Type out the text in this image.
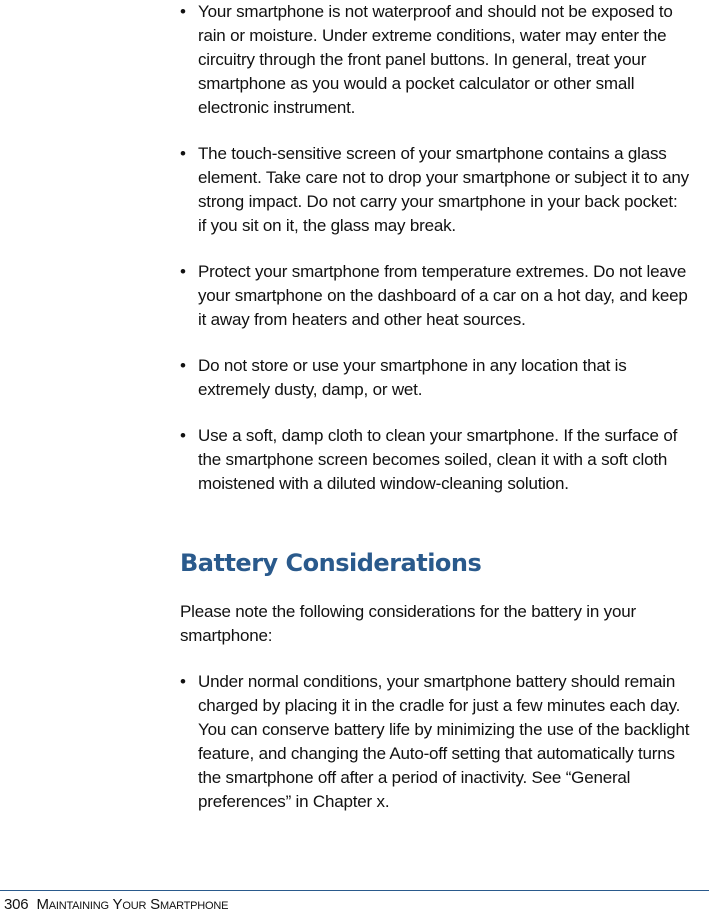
• Your smartphone is not waterproof and should not be exposed to rain or moisture. Under extreme conditions, water may enter the circuitry through the front panel buttons. In general, treat your smartphone as you would a pocket calculator or other small electronic instrument.
• The touch-sensitive screen of your smartphone contains a glass element. Take care not to drop your smartphone or subject it to any strong impact. Do not carry your smartphone in your back pocket: if you sit on it, the glass may break.
• Protect your smartphone from temperature extremes. Do not leave your smartphone on the dashboard of a car on a hot day, and keep it away from heaters and other heat sources.
• Do not store or use your smartphone in any location that is extremely dusty, damp, or wet.
• Use a soft, damp cloth to clean your smartphone. If the surface of the smartphone screen becomes soiled, clean it with a soft cloth moistened with a diluted window-cleaning solution.
Battery Considerations

Please note the following considerations for the battery in your smartphone:

• Under normal conditions, your smartphone battery should remain charged by placing it in the cradle for just a few minutes each day. You can conserve battery life by minimizing the use of the backlight feature, and changing the Auto-off setting that automatically turns the smartphone off after a period of inactivity. See “General preferences” in Chapter x.
306 Maintaining Your Smartphone
